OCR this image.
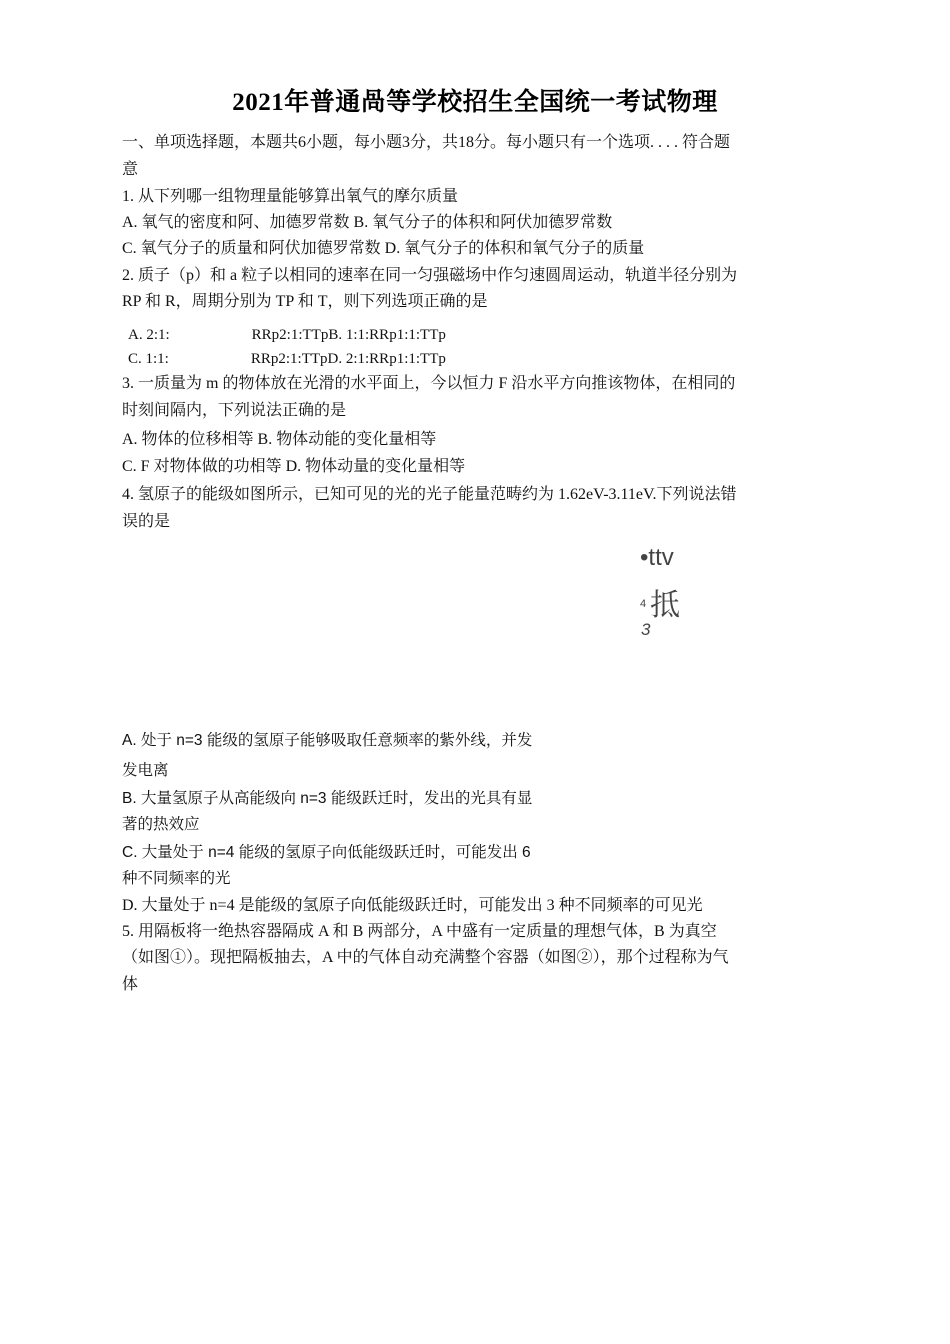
2021年普通咼等学校招生全国统一考试物理
一、单项选择题，本题共6小题，每小题3分，共18分。每小题只有一个选项. . . . 符合题
意
1. 从下列哪一组物理量能够算出氧气的摩尔质量
A. 氧气的密度和阿、加德罗常数 B. 氧气分子的体积和阿伏加德罗常数
C. 氧气分子的质量和阿伏加德罗常数 D. 氧气分子的体积和氧气分子的质量
2. 质子（p）和 a 粒子以相同的速率在同一匀强磁场中作匀速圆周运动，轨道半径分别为
RP 和 R，周期分别为 TP 和 T，则下列选项正确的是
A. 2:1:	RRp2:1:TTpB. 1:1:RRp1:1:TTp
C. 1:1:	RRp2:1:TTpD. 2:1:RRp1:1:TTp
3. 一质量为 m 的物体放在光滑的水平面上，今以恒力 F 沿水平方向推该物体，在相同的
时刻间隔内，下列说法正确的是
A. 物体的位移相等 B. 物体动能的变化量相等
C. F 对物体做的功相等 D. 物体动量的变化量相等
4. 氢原子的能级如图所示，已知可见的光的光子能量范畴约为 1.62eV-3.11eV.下列说法错
误的是
•ttv
4 抵
3
A. 处于 n=3 能级的氢原子能够吸取任意频率的紫外线，并发
发电离
B. 大量氢原子从高能级向 n=3 能级跃迁时，发出的光具有显
著的热效应
C. 大量处于 n=4 能级的氢原子向低能级跃迁时，可能发出 6
种不同频率的光
D. 大量处于 n=4 是能级的氢原子向低能级跃迁时，可能发出 3 种不同频率的可见光
5. 用隔板将一绝热容器隔成 A 和 B 两部分，A 中盛有一定质量的理想气体，B 为真空
（如图①）。现把隔板抽去，A 中的气体自动充满整个容器（如图②），那个过程称为气
体
